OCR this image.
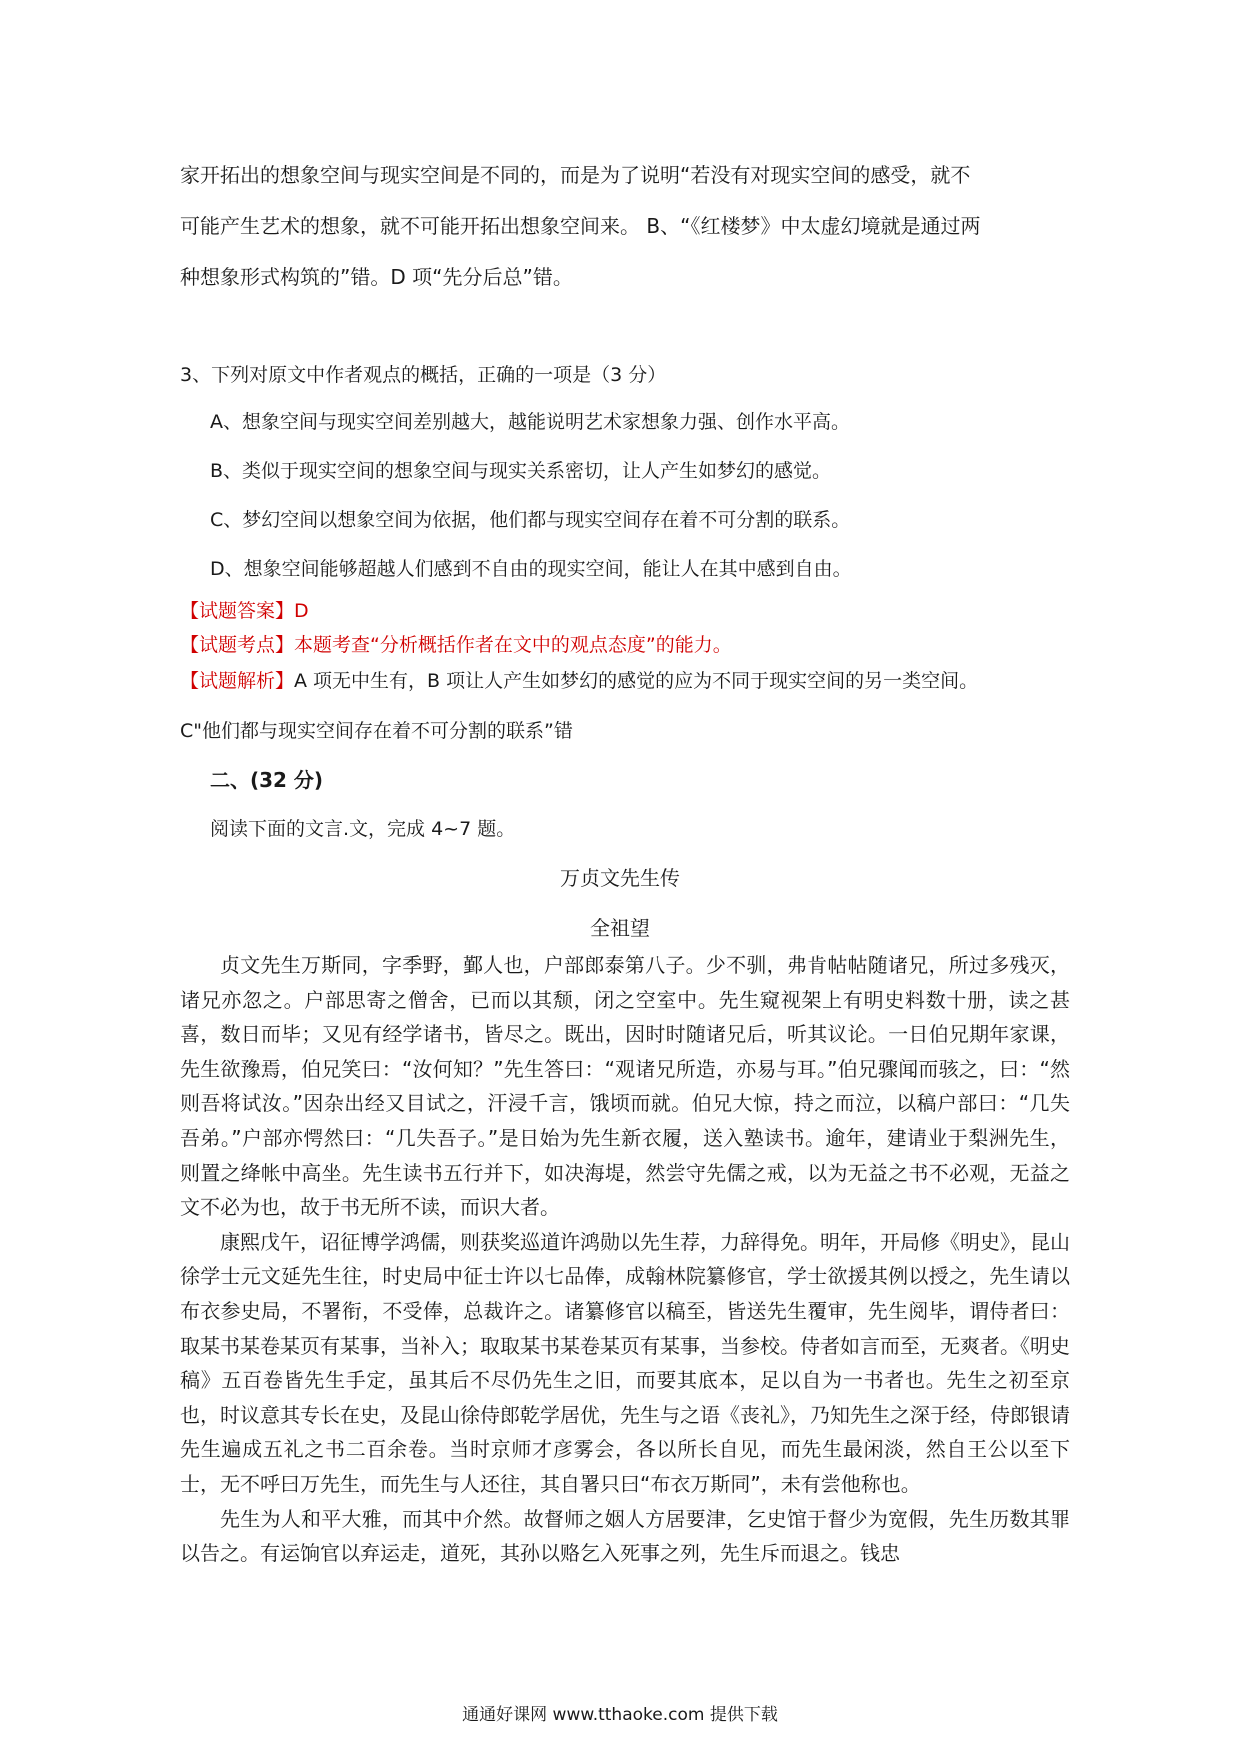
家开拓出的想象空间与现实空间是不同的，而是为了说明“若没有对现实空间的感受，就不

可能产生艺术的想象，就不可能开拓出想象空间来。 B、“《红楼梦》中太虚幻境就是通过两

种想象形式构筑的”错。D 项“先分后总”错。

3、下列对原文中作者观点的概括，正确的一项是（3 分）

A、想象空间与现实空间差别越大，越能说明艺术家想象力强、创作水平高。

B、类似于现实空间的想象空间与现实关系密切，让人产生如梦幻的感觉。

C、梦幻空间以想象空间为依据，他们都与现实空间存在着不可分割的联系。

D、想象空间能够超越人们感到不自由的现实空间，能让人在其中感到自由。

【试题答案】D

【试题考点】本题考查“分析概括作者在文中的观点态度”的能力。

【试题解析】A 项无中生有，B 项让人产生如梦幻的感觉的应为不同于现实空间的另一类空间。

C"他们都与现实空间存在着不可分割的联系”错

二、(32 分)

阅读下面的文言.文，完成 4~7 题。

万贞文先生传

全祖望

贞文先生万斯同，字季野，鄞人也，户部郎泰第八子。少不驯，弗肯帖帖随诸兄，所过多残灭，诸兄亦忽之。户部思寄之僧舍，已而以其颓，闭之空室中。先生窥视架上有明史料数十册，读之甚喜，数日而毕；又见有经学诸书，皆尽之。既出，因时时随诸兄后，听其议论。一日伯兄期年家课，先生欲豫焉，伯兄笑曰：“汝何知？”先生答曰：“观诸兄所造，亦易与耳。”伯兄骤闻而骇之，曰：“然则吾将试汝。”因杂出经又目试之，汗浸千言，饿顷而就。伯兄大惊，持之而泣，以稿户部曰：“几失吾弟。”户部亦愕然曰：“几失吾子。”是日始为先生新衣履，送入塾读书。逾年，建请业于梨洲先生，则置之绛帐中高坐。先生读书五行并下，如决海堤，然尝守先儒之戒，以为无益之书不必观，无益之文不必为也，故于书无所不读，而识大者。

康熙戊午，诏征博学鸿儒，则获奖巡道许鸿勋以先生荐，力辞得免。明年，开局修《明史》，昆山徐学士元文延先生往，时史局中征士许以七品俸，成翰林院纂修官，学士欲援其例以授之，先生请以布衣参史局，不署衔，不受俸，总裁许之。诸纂修官以稿至，皆送先生覆审，先生阅毕，谓侍者曰：取某书某卷某页有某事，当补入；取取某书某卷某页有某事，当参校。侍者如言而至，无爽者。《明史稿》五百卷皆先生手定，虽其后不尽仍先生之旧，而要其底本，足以自为一书者也。先生之初至京也，时议意其专长在史，及昆山徐侍郎乾学居优，先生与之语《丧礼》，乃知先生之深于经，侍郎银请先生遍成五礼之书二百余卷。当时京师才彦雾会，各以所长自见，而先生最闲淡，然自王公以至下士，无不呼曰万先生，而先生与人还往，其自署只曰“布衣万斯同”，未有尝他称也。

先生为人和平大雅，而其中介然。故督师之姻人方居要津，乞史馆于督少为宽假，先生历数其罪以告之。有运饷官以弃运走，道死，其孙以赂乞入死事之列，先生斥而退之。钱忠

通通好课网 www.tthaoke.com 提供下载
